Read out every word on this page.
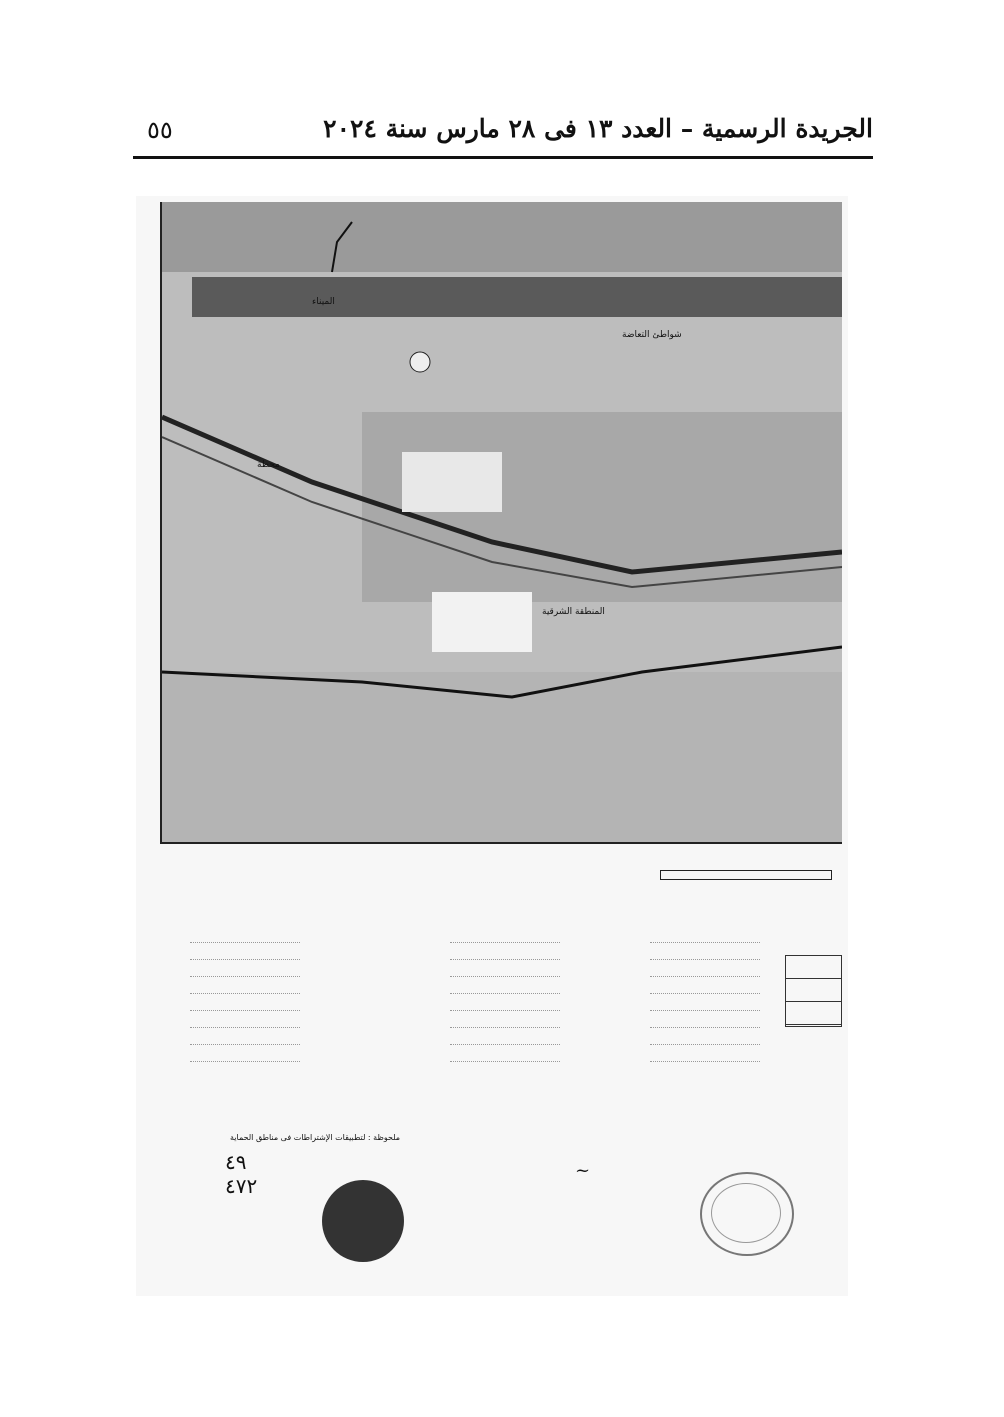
٥٥	الجريدة الرسمية – العدد ١٣ فى ٢٨ مارس سنة ٢٠٢٤
شواطئ التعاضة
محطة
المنطقة الشرقية
الميناء
ملحوظة : لتطبيقات الإشتراطات فى مناطق الحماية
٤٩
٤٧٢
~
